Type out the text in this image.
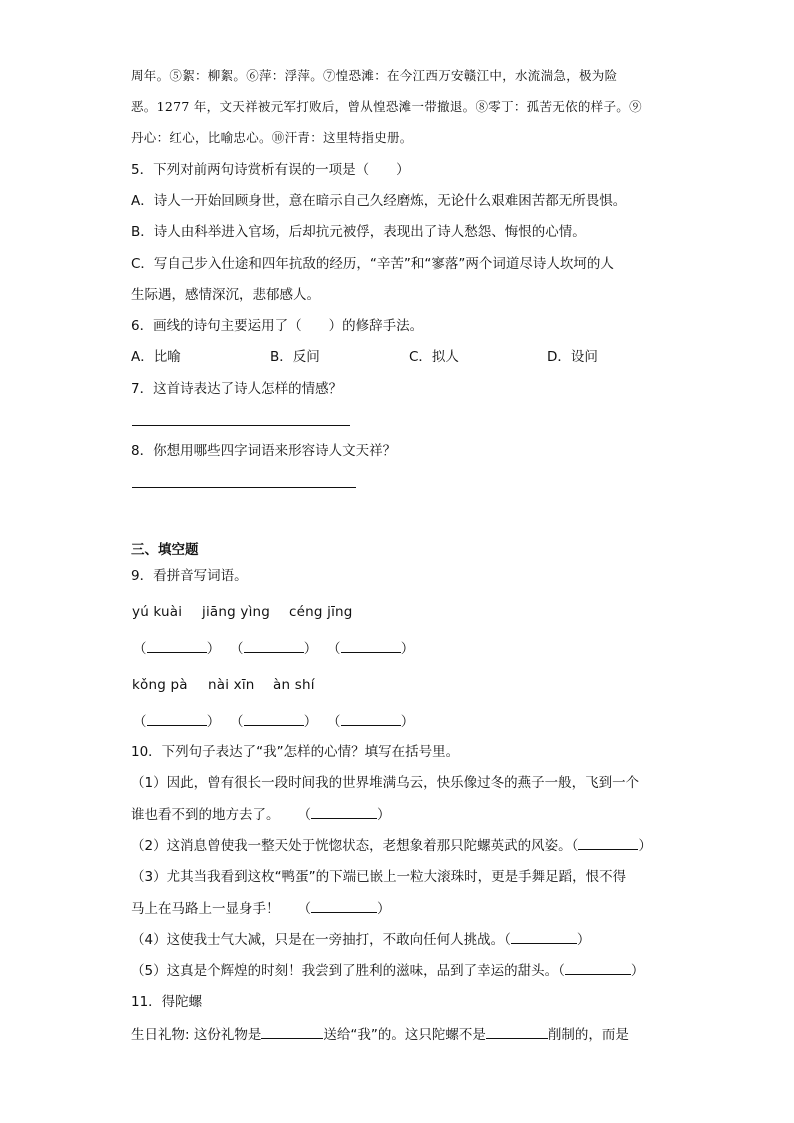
周年。⑤絮：柳絮。⑥萍：浮萍。⑦惶恐滩：在今江西万安赣江中，水流湍急，极为险
恶。1277 年，文天祥被元军打败后，曾从惶恐滩一带撤退。⑧零丁：孤苦无依的样子。⑨
丹心：红心，比喻忠心。⑩汗青：这里特指史册。
5．下列对前两句诗赏析有误的一项是（　　）
A．诗人一开始回顾身世，意在暗示自己久经磨炼，无论什么艰难困苦都无所畏惧。
B．诗人由科举进入官场，后却抗元被俘，表现出了诗人愁怨、悔恨的心情。
C．写自己步入仕途和四年抗敌的经历，“辛苦”和“寥落”两个词道尽诗人坎坷的人
生际遇，感情深沉，悲郁感人。
6．画线的诗句主要运用了（　　）的修辞手法。
A．比喻	B．反问	C．拟人	D．设问
7．这首诗表达了诗人怎样的情感？
8．你想用哪些四字词语来形容诗人文天祥？
三、填空题
9．看拼音写词语。
yú kuài jiāng yìng céng jīng
（	） （	） （	）
kǒng pà nài xīn àn shí
（	） （	） （	）
10．下列句子表达了“我”怎样的心情？填写在括号里。
（1）因此，曾有很长一段时间我的世界堆满乌云，快乐像过冬的燕子一般，飞到一个
谁也看不到的地方去了。 （	）
（2）这消息曾使我一整天处于恍惚状态，老想象着那只陀螺英武的风姿。（	）
（3）尤其当我看到这枚“鸭蛋”的下端已嵌上一粒大滚珠时，更是手舞足蹈，恨不得
马上在马路上一显身手！ （	）
（4）这使我士气大减，只是在一旁抽打，不敢向任何人挑战。（	）
（5）这真是个辉煌的时刻！我尝到了胜利的滋味，品到了幸运的甜头。（	）
11．得陀螺
生日礼物: 这份礼物是	送给“我”的。这只陀螺不是	削制的，而是
